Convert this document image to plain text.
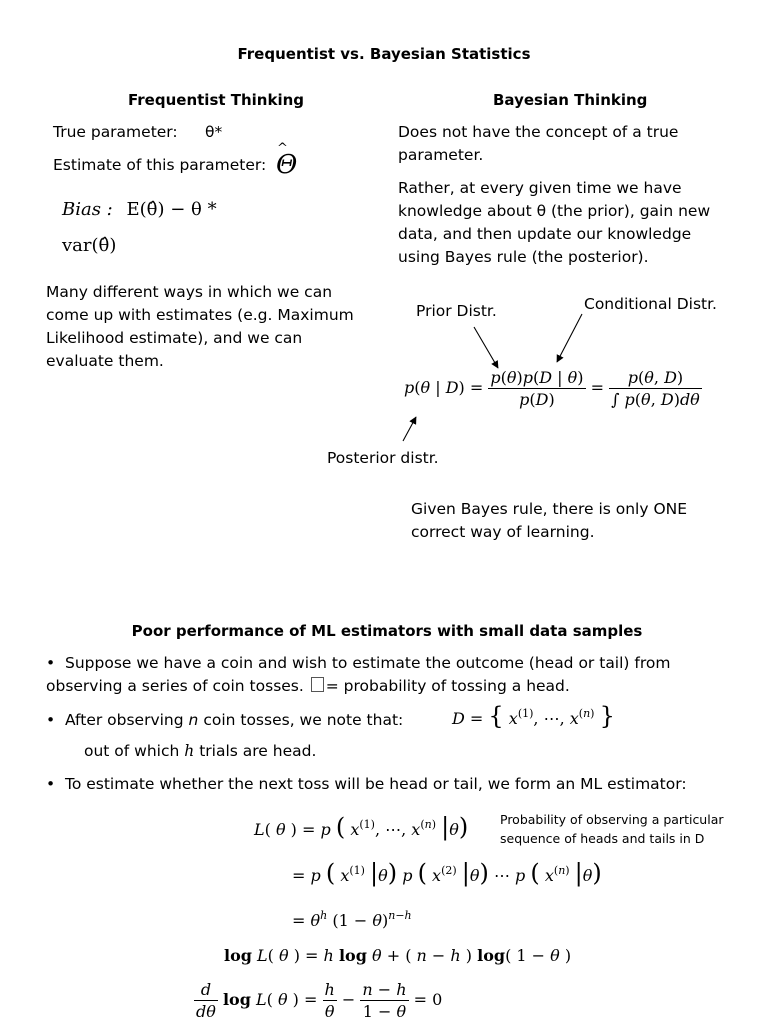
Frequentist vs. Bayesian Statistics
Frequentist Thinking
True parameter: θ*
Estimate of this parameter:
^ Θ
Bias : E(θ̂) − θ *
var(θ̂)
Many different ways in which we can come up with estimates (e.g. Maximum Likelihood estimate), and we can evaluate them.
Bayesian Thinking
Does not have the concept of a true parameter.
Rather, at every given time we have knowledge about θ (the prior), gain new data, and then update our knowledge using Bayes rule (the posterior).
Prior Distr.	Conditional Distr.
p(θ | $D) = \frac{p(\theta)p(D | \theta)}{p(D)} = \frac{p(\theta, D)}{\int p(\theta, D)d\theta}$
Posterior distr.
Given Bayes rule, there is only ONE correct way of learning.
Poor performance of ML estimators with small data samples
•  Suppose we have a coin and wish to estimate the outcome (head or tail) from
observing a series of coin tosses. = probability of tossing a head.
•  After observing n coin tosses, we note that:	D = { $x^{(1)}$, ⋯, $x^{(n)}$ }
out of which h trials are head.
•  To estimate whether the next toss will be head or tail, we form an ML estimator:
Probability of observing a particular sequence of heads and tails in D
L( θ ) = p ( $x^{(1)}$, ⋯, $x^{(n)}$ |θ)
= p ( $x^{(1)}$ |θ) p ( $x^{(2)}$ |θ) ⋯ p ( $x^{(n)}$ |θ)
= $\theta^h$ $(1 - \theta)^{n-h}$
log L( θ ) = h log θ + ( n − h ) log( 1 − θ )
$\frac{d}{d\theta}$ log L( θ ) = $\frac{h}{\theta} - \frac{n - h}{1 - \theta} = 0$
